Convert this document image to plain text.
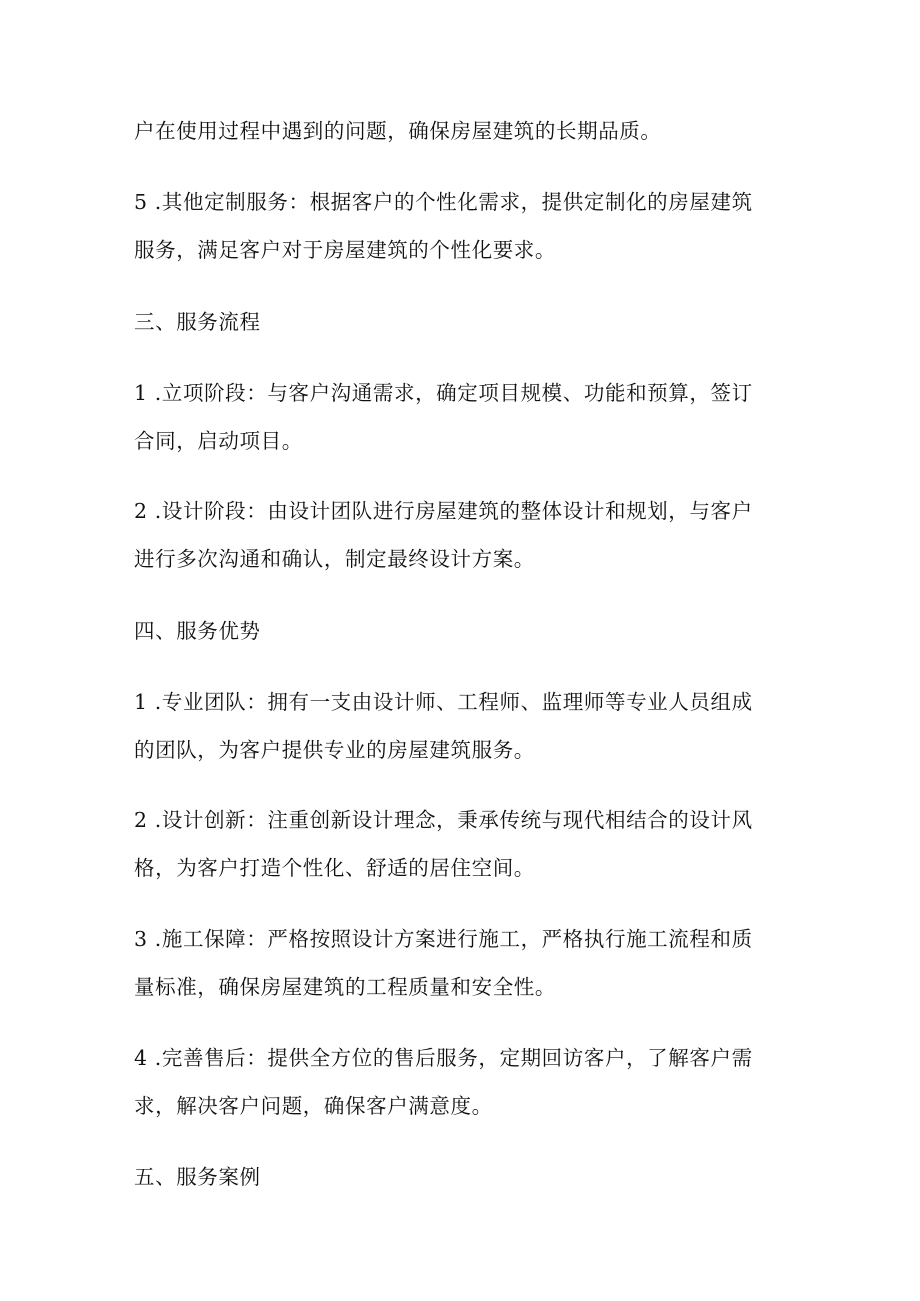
户在使用过程中遇到的问题，确保房屋建筑的长期品质。
5 .其他定制服务：根据客户的个性化需求，提供定制化的房屋建筑
服务，满足客户对于房屋建筑的个性化要求。
三、服务流程
1 .立项阶段：与客户沟通需求，确定项目规模、功能和预算，签订
合同，启动项目。
2 .设计阶段：由设计团队进行房屋建筑的整体设计和规划，与客户
进行多次沟通和确认，制定最终设计方案。
四、服务优势
1 .专业团队：拥有一支由设计师、工程师、监理师等专业人员组成
的团队，为客户提供专业的房屋建筑服务。
2 .设计创新：注重创新设计理念，秉承传统与现代相结合的设计风
格，为客户打造个性化、舒适的居住空间。
3 .施工保障：严格按照设计方案进行施工，严格执行施工流程和质
量标准，确保房屋建筑的工程质量和安全性。
4 .完善售后：提供全方位的售后服务，定期回访客户，了解客户需
求，解决客户问题，确保客户满意度。
五、服务案例
